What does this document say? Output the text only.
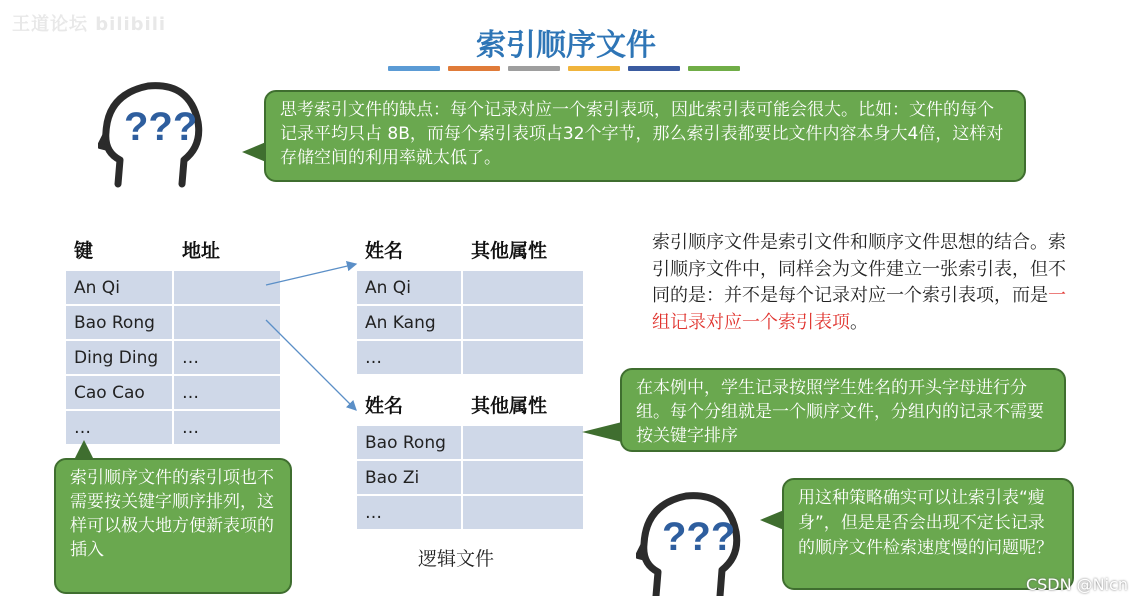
王道论坛 bilibili
索引顺序文件
???	思考索引文件的缺点：每个记录对应一个索引表项，因此索引表可能会很大。比如：文件的每个记录平均只占 8B，而每个索引表项占32个字节，那么索引表都要比文件内容本身大4倍，这样对存储空间的利用率就太低了。
键	地址
An Qi	
Bao Rong	
Ding Ding	…
Cao Cao	…
…	…
姓名	其他属性
An Qi	
An Kang	
…	
姓名	其他属性
Bao Rong	
Bao Zi	
…	
逻辑文件
索引顺序文件是索引文件和顺序文件思想的结合。索引顺序文件中，同样会为文件建立一张索引表，但不同的是：并不是每个记录对应一个索引表项，而是一组记录对应一个索引表项。
在本例中，学生记录按照学生姓名的开头字母进行分组。每个分组就是一个顺序文件，分组内的记录不需要按关键字排序
索引顺序文件的索引项也不需要按关键字顺序排列，这样可以极大地方便新表项的插入	???
用这种策略确实可以让索引表“瘦身”，但是是否会出现不定长记录的顺序文件检索速度慢的问题呢？
CSDN @Nicn
